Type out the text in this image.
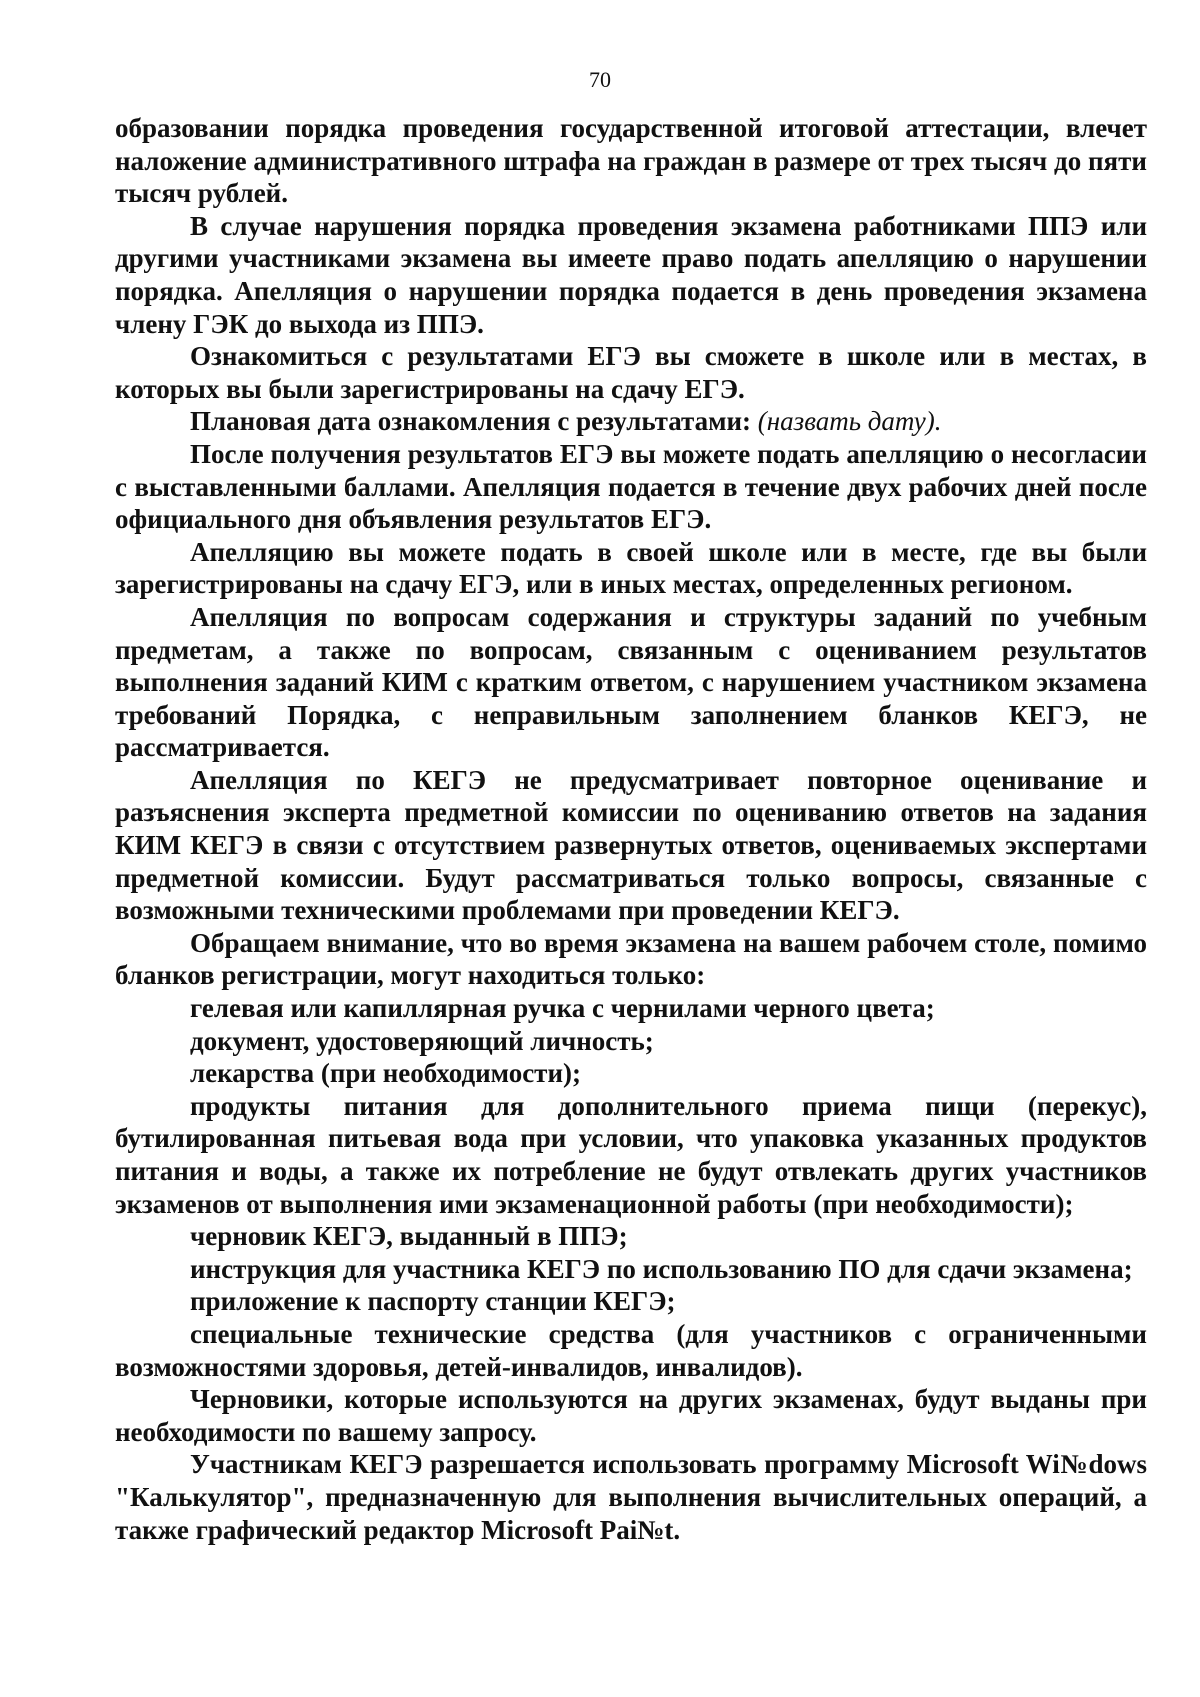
70

образовании порядка проведения государственной итоговой аттестации, влечет наложение административного штрафа на граждан в размере от трех тысяч до пяти тысяч рублей.

В случае нарушения порядка проведения экзамена работниками ППЭ или другими участниками экзамена вы имеете право подать апелляцию о нарушении порядка. Апелляция о нарушении порядка подается в день проведения экзамена члену ГЭК до выхода из ППЭ.

Ознакомиться с результатами ЕГЭ вы сможете в школе или в местах, в которых вы были зарегистрированы на сдачу ЕГЭ.

Плановая дата ознакомления с результатами: (назвать дату).

После получения результатов ЕГЭ вы можете подать апелляцию о несогласии с выставленными баллами. Апелляция подается в течение двух рабочих дней после официального дня объявления результатов ЕГЭ.

Апелляцию вы можете подать в своей школе или в месте, где вы были зарегистрированы на сдачу ЕГЭ, или в иных местах, определенных регионом.

Апелляция по вопросам содержания и структуры заданий по учебным предметам, а также по вопросам, связанным с оцениванием результатов выполнения заданий КИМ с кратким ответом, с нарушением участником экзамена требований Порядка, с неправильным заполнением бланков КЕГЭ, не рассматривается.

Апелляция по КЕГЭ не предусматривает повторное оценивание и разъяснения эксперта предметной комиссии по оцениванию ответов на задания КИМ КЕГЭ в связи с отсутствием развернутых ответов, оцениваемых экспертами предметной комиссии. Будут рассматриваться только вопросы, связанные с возможными техническими проблемами при проведении КЕГЭ.

Обращаем внимание, что во время экзамена на вашем рабочем столе, помимо бланков регистрации, могут находиться только:

гелевая или капиллярная ручка с чернилами черного цвета;

документ, удостоверяющий личность;

лекарства (при необходимости);

продукты питания для дополнительного приема пищи (перекус), бутилированная питьевая вода при условии, что упаковка указанных продуктов питания и воды, а также их потребление не будут отвлекать других участников экзаменов от выполнения ими экзаменационной работы (при необходимости);

черновик КЕГЭ, выданный в ППЭ;

инструкция для участника КЕГЭ по использованию ПО для сдачи экзамена;

приложение к паспорту станции КЕГЭ;

специальные технические средства (для участников с ограниченными возможностями здоровья, детей-инвалидов, инвалидов).

Черновики, которые используются на других экзаменах, будут выданы при необходимости по вашему запросу.

Участникам КЕГЭ разрешается использовать программу Microsoft Wi№dows "Калькулятор", предназначенную для выполнения вычислительных операций, а также графический редактор Microsoft Pai№t.
